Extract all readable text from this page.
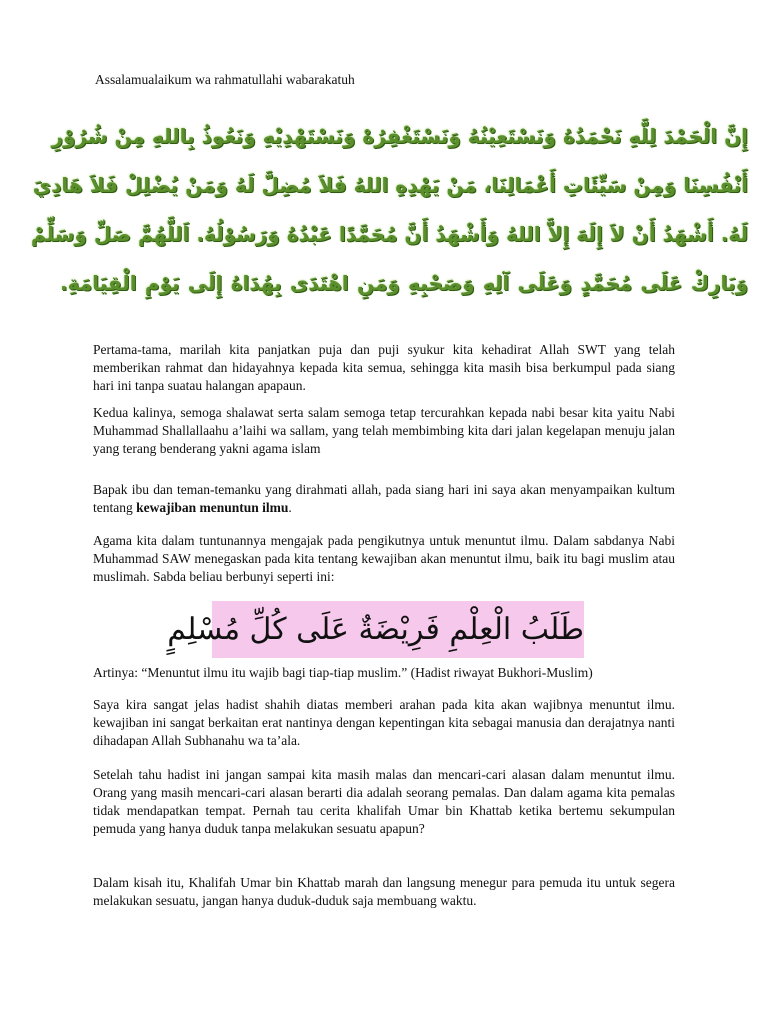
Assalamualaikum wa rahmatullahi wabarakatuh
إِنَّ الْحَمْدَ لِلَّهِ نَحْمَدُهُ وَنَسْتَعِيْنُهُ وَنَسْتَغْفِرُهْ وَنَسْتَهْدِيْهِ وَنَعُوذُ بِاللهِ مِنْ شُرُوْرِ
أَنْفُسِنَا وَمِنْ سَيِّئَاتِ أَعْمَالِنَا، مَنْ يَهْدِهِ اللهُ فَلاَ مُضِلَّ لَهُ وَمَنْ يُضْلِلْ فَلاَ هَادِيَ
لَهُ. أَشْهَدُ أَنْ لاَ إِلَهَ إِلاَّ اللهُ وَأَشْهَدُ أَنَّ مُحَمَّدًا عَبْدُهُ وَرَسُوْلُهُ. اَللَّهُمَّ صَلِّ وَسَلِّمْ
وَبَارِكْ عَلَى مُحَمَّدٍ وَعَلَى آلِهِ وَصَحْبِهِ وَمَنِ اهْتَدَى بِهُدَاهُ إِلَى يَوْمِ الْقِيَامَةِ.

Pertama-tama, marilah kita panjatkan puja dan puji syukur kita kehadirat Allah SWT yang telah memberikan rahmat dan hidayahnya kepada kita semua, sehingga kita masih bisa berkumpul pada siang hari ini tanpa suatau halangan apapaun.

Kedua kalinya, semoga shalawat serta salam semoga tetap tercurahkan kepada nabi besar kita yaitu Nabi Muhammad Shallallaahu a’laihi wa sallam, yang telah membimbing kita dari jalan kegelapan menuju jalan yang terang benderang yakni agama islam

Bapak ibu dan teman-temanku yang dirahmati allah, pada siang hari ini saya akan menyampaikan kultum tentang kewajiban menuntun ilmu.

Agama kita dalam tuntunannya mengajak pada pengikutnya untuk menuntut ilmu. Dalam sabdanya Nabi Muhammad SAW menegaskan pada kita tentang kewajiban akan menuntut ilmu, baik itu bagi muslim atau muslimah. Sabda beliau berbunyi seperti ini:

طَلَبُ الْعِلْمِ فَرِيْضَةٌ عَلَى كُلِّ مُسْلِمٍ

Artinya: “Menuntut ilmu itu wajib bagi tiap-tiap muslim.” (Hadist riwayat Bukhori-Muslim)

Saya kira sangat jelas hadist shahih diatas memberi arahan pada kita akan wajibnya menuntut ilmu. kewajiban ini sangat berkaitan erat nantinya dengan kepentingan kita sebagai manusia dan derajatnya nanti dihadapan Allah Subhanahu wa ta’ala.

Setelah tahu hadist ini jangan sampai kita masih malas dan mencari-cari alasan dalam menuntut ilmu. Orang yang masih mencari-cari alasan berarti dia adalah seorang pemalas. Dan dalam agama kita pemalas tidak mendapatkan tempat. Pernah tau cerita khalifah Umar bin Khattab ketika bertemu sekumpulan pemuda yang hanya duduk tanpa melakukan sesuatu apapun?

Dalam kisah itu, Khalifah Umar bin Khattab marah dan langsung menegur para pemuda itu untuk segera melakukan sesuatu, jangan hanya duduk-duduk saja membuang waktu.
